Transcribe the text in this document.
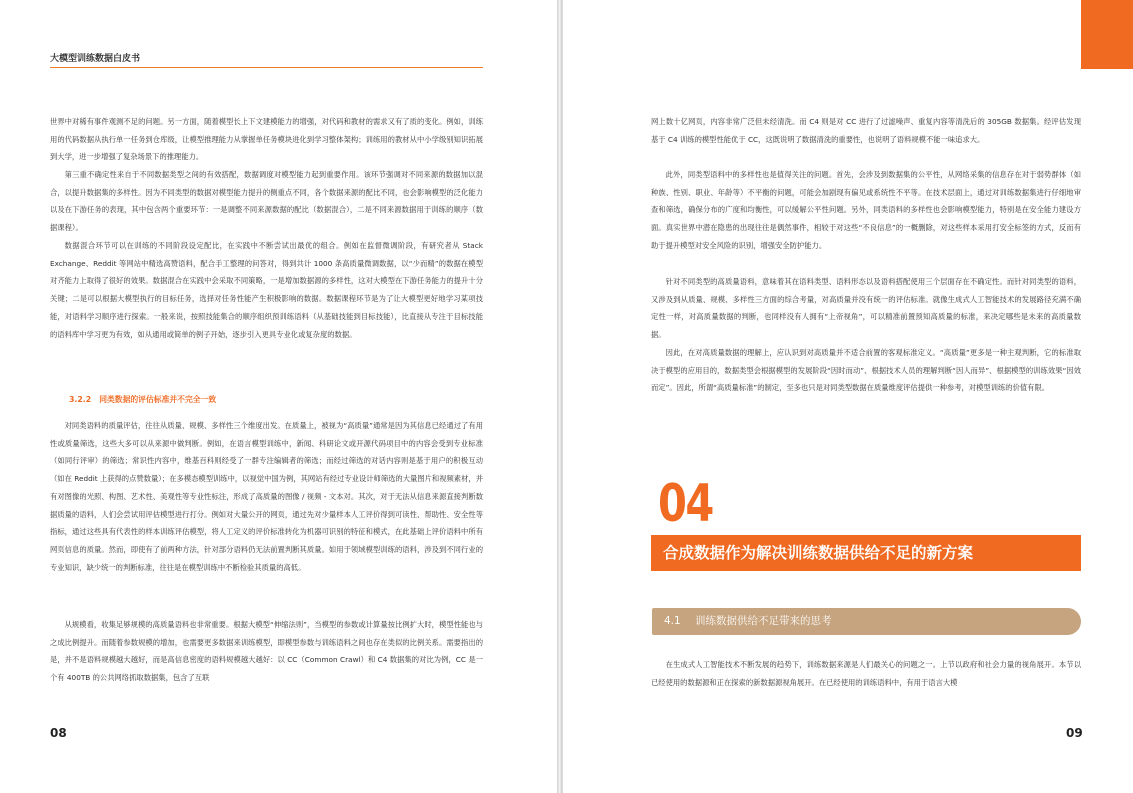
大模型训练数据白皮书

世界中对稀有事件观测不足的问题。另一方面，随着模型长上下文建模能力的增强，对代码和教材的需求又有了质的变化。例如，训练用的代码数据从执行单一任务到仓库级，让模型推理能力从掌握单任务模块进化到学习整体架构；训练用的教材从中小学级别知识拓展到大学，进一步增强了复杂场景下的推理能力。

第三重不确定性来自于不同数据类型之间的有效搭配，数据调度对模型能力起到重要作用。该环节强调对不同来源的数据加以混合，以提升数据集的多样性。因为不同类型的数据对模型能力提升的侧重点不同，各个数据来源的配比不同，也会影响模型的泛化能力以及在下游任务的表现，其中包含两个重要环节：一是调整不同来源数据的配比（数据混合），二是不同来源数据用于训练的顺序（数据课程）。

数据混合环节可以在训练的不同阶段设定配比，在实践中不断尝试出最优的组合。例如在监督微调阶段，有研究者从 Stack Exchange、Reddit 等网站中精选高赞语料，配合手工整理的问答对，得到共计 1000 条高质量微调数据，以“少而精”的数据在模型对齐能力上取得了很好的效果。数据混合在实践中会采取不同策略，一是增加数据源的多样性，这对大模型在下游任务能力的提升十分关键；二是可以根据大模型执行的目标任务，选择对任务性能产生积极影响的数据。数据课程环节是为了让大模型更好地学习某项技能，对语料学习顺序进行探索。一般来说，按照技能集合的顺序组织预训练语料（从基础技能到目标技能），比直接从专注于目标技能的语料库中学习更为有效，如从通用或简单的例子开始，逐步引入更具专业化或复杂度的数据。

3.2.2 同类数据的评估标准并不完全一致

对同类语料的质量评估，往往从质量、规模、多样性三个维度出发。在质量上，被视为“高质量”通常是因为其信息已经通过了有用性或质量筛选，这些大多可以从来源中做判断。例如，在语言模型训练中，新闻、科研论文或开源代码项目中的内容会受到专业标准（如同行评审）的筛选；常识性内容中，维基百科则经受了一群专注编辑者的筛选；而经过筛选的对话内容则是基于用户的积极互动（如在 Reddit 上获得的点赞数量）；在多模态模型训练中，以视觉中国为例，其网站有经过专业设计师筛选的大量图片和视频素材，并有对图像的光照、构图、艺术性、美观性等专业性标注，形成了高质量的图像 / 视频 - 文本对。其次，对于无法从信息来源直接判断数据质量的语料，人们会尝试用评估模型进行打分。例如对大量公开的网页，通过先对少量样本人工评价得到可读性、帮助性、安全性等指标，通过这些具有代表性的样本训练评估模型，将人工定义的评价标准转化为机器可识别的特征和模式，在此基础上评价语料中所有网页信息的质量。然而，即使有了前两种方法，针对部分语料仍无法前置判断其质量。如用于领域模型训练的语料，涉及到不同行业的专业知识，缺少统一的判断标准，往往是在模型训练中不断检验其质量的高低。

从规模看，收集足够规模的高质量语料也非常重要。根据大模型“伸缩法则”，当模型的参数或计算量按比例扩大时，模型性能也与之成比例提升。而随着参数规模的增加，也需要更多数据来训练模型，即模型参数与训练语料之间也存在类似的比例关系。需要指出的是，并不是语料规模越大越好，而是高信息密度的语料规模越大越好：以 CC（Common Crawl）和 C4 数据集的对比为例，CC 是一个有 400TB 的公共网络抓取数据集，包含了互联

08

网上数十亿网页，内容非常广泛但未经清洗。而 C4 则是对 CC 进行了过滤噪声、重复内容等清洗后的 305GB 数据集。经评估发现基于 C4 训练的模型性能优于 CC，这既说明了数据清洗的重要性，也说明了语料规模不能一味追求大。

此外，同类型语料中的多样性也是值得关注的问题。首先，会涉及到数据集的公平性，从网络采集的信息存在对于弱势群体（如种族、性别、职业、年龄等）不平衡的问题，可能会加剧现有偏见或系统性不平等。在技术层面上，通过对训练数据集进行仔细地审查和筛选，确保分布的广度和均衡性，可以缓解公平性问题。另外，同类语料的多样性也会影响模型能力，特别是在安全能力建设方面。真实世界中潜在隐患的出现往往是偶然事件，相较于对这些“不良信息”的一概删除，对这些样本采用打安全标签的方式，反而有助于提升模型对安全风险的识别，增强安全防护能力。

针对不同类型的高质量语料，意味着其在语料类型、语料形态以及语料搭配使用三个层面存在不确定性。而针对同类型的语料，又涉及到从质量、规模、多样性三方面的综合考量，对高质量并没有统一的评估标准。就像生成式人工智能技术的发展路径充满不确定性一样，对高质量数据的判断，也同样没有人拥有“上帝视角”，可以精准前置预知高质量的标准，来决定哪些是未来的高质量数据。

因此，在对高质量数据的理解上，应认识到对高质量并不适合前置的客观标准定义。“高质量”更多是一种主观判断，它的标准取决于模型的应用目的，数据类型会根据模型的发展阶段“因时而动”、根据技术人员的理解判断“因人而异”、根据模型的训练效果“因效而定”。因此，所谓“高质量标准”的制定，至多也只是对同类型数据在质量维度评估提供一种参考，对模型训练的价值有限。

04
合成数据作为解决训练数据供给不足的新方案
4.1 训练数据供给不足带来的思考

在生成式人工智能技术不断发展的趋势下，训练数据来源是人们最关心的问题之一。上节以政府和社会力量的视角展开。本节以已经使用的数据源和正在探索的新数据源视角展开。在已经使用的训练语料中，有用于语言大模

09
